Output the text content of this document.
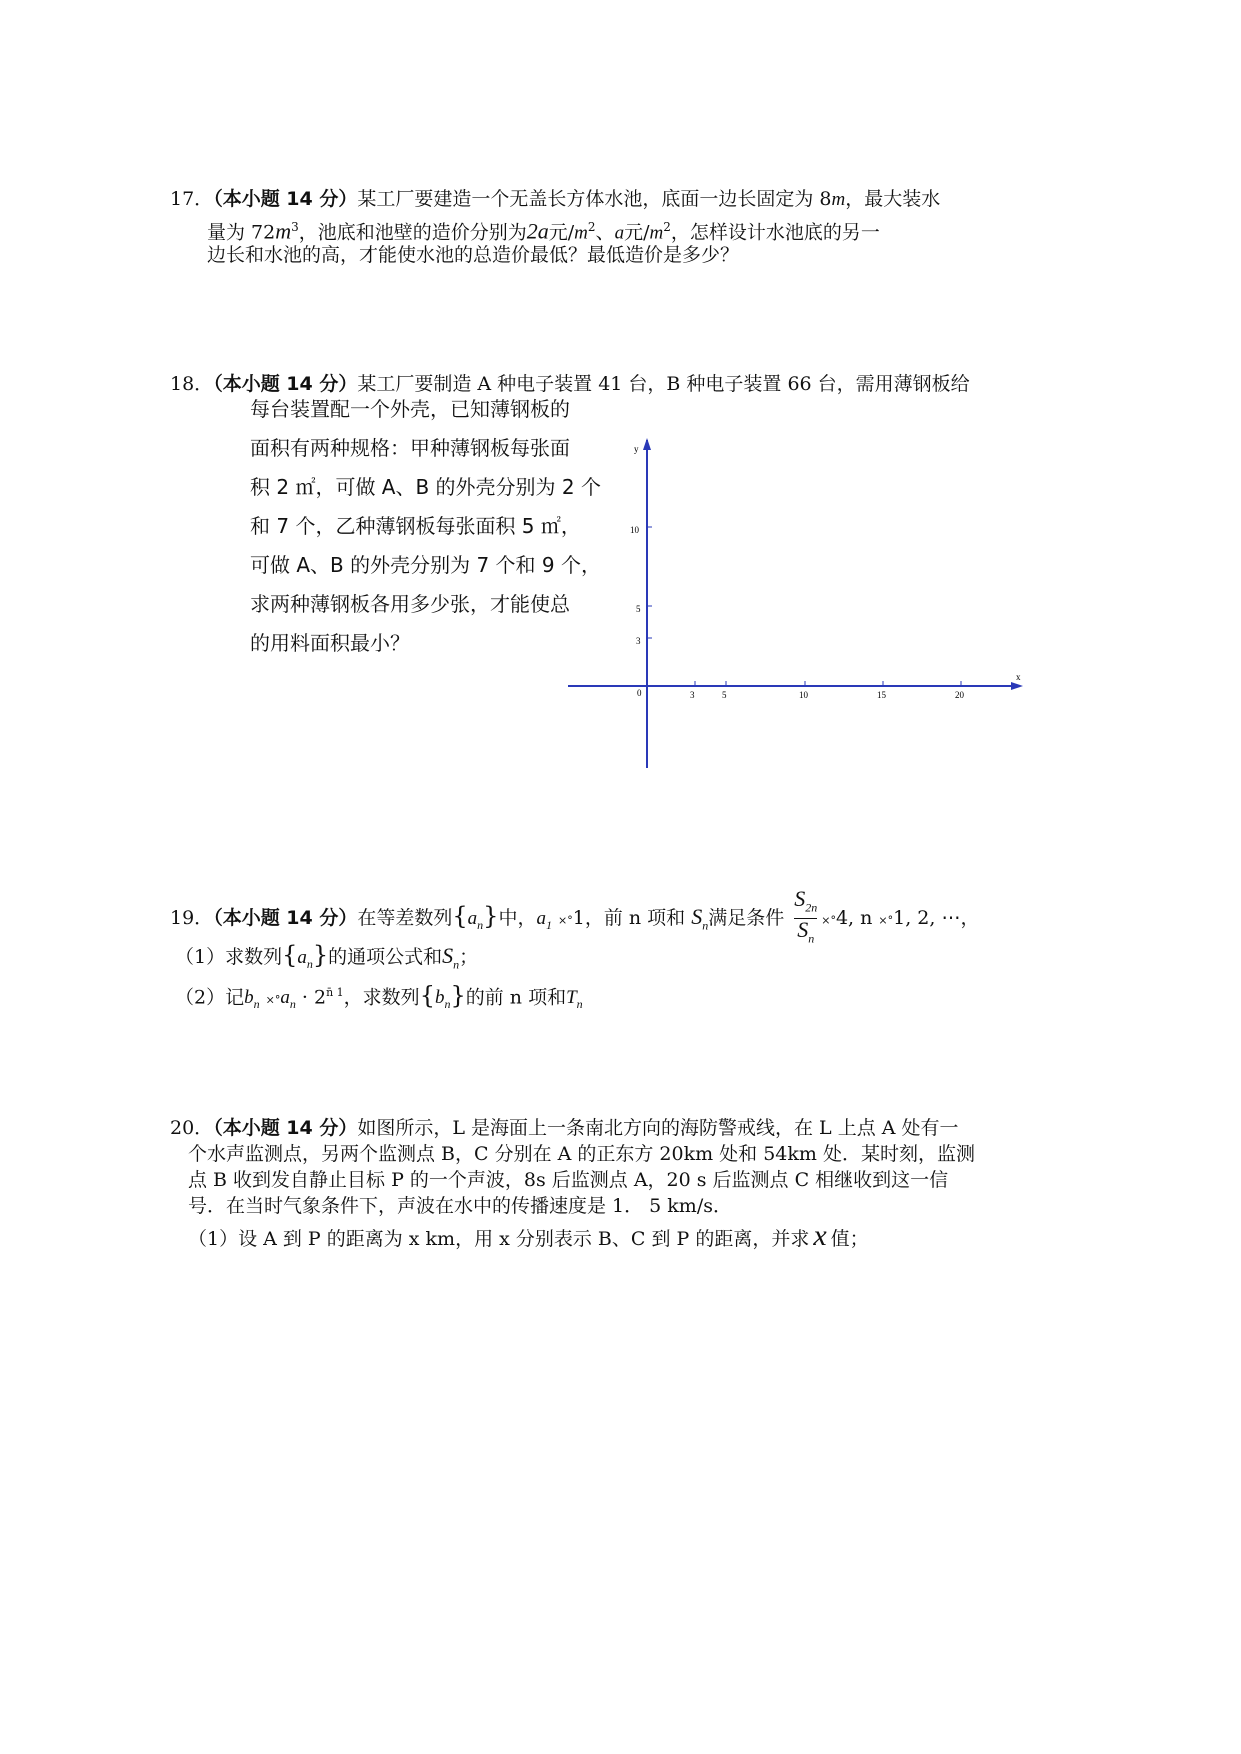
17．（本小题 14 分）某工厂要建造一个无盖长方体水池，底面一边长固定为 8m，最大装水
量为 $72m^3$，池底和池壁的造价分别为2a元$/m^2$、a元$/m^2$，怎样设计水池底的另一
边长和水池的高，才能使水池的总造价最低？最低造价是多少？
18．（本小题 14 分）某工厂要制造 A 种电子装置 41 台，B 种电子装置 66 台，需用薄钢板给
每台装置配一个外壳，已知薄钢板的
面积有两种规格：甲种薄钢板每张面
积 2 ㎡，可做 A、B 的外壳分别为 2 个
和 7 个，乙种薄钢板每张面积 5 ㎡，
可做 A、B 的外壳分别为 7 个和 9 个，
求两种薄钢板各用多少张，才能使总
的用料面积最小？
y
x
0	3	5	10	15	20
10
5
3
19．（本小题 14 分）在等差数列$\{a_n\}$中，$a_1 \times^\circ 1$，前 n 项和 $S_n$满足条件 $\frac{S_{2n}}{S_n} \times^\circ 4$, n ×°1, 2, ⋯，
（1）求数列$\{a_n\}$的通项公式和$S_n$；
（2）记$b_n \times^\circ a_n \cdot 2^{n̄ 1}$，求数列$\{b_n\}$的前 n 项和$T_n$
20．（本小题 14 分）如图所示，L 是海面上一条南北方向的海防警戒线，在 L 上点 A 处有一
个水声监测点，另两个监测点 B，C 分别在 A 的正东方 20km 处和 54km 处．某时刻，监测
点 B 收到发自静止目标 P 的一个声波，8s 后监测点 A，20 s 后监测点 C 相继收到这一信
号．在当时气象条件下，声波在水中的传播速度是 1． 5 km/s．
（1）设 A 到 P 的距离为 x km，用 x 分别表示 B、C 到 P 的距离，并求 x 值；
